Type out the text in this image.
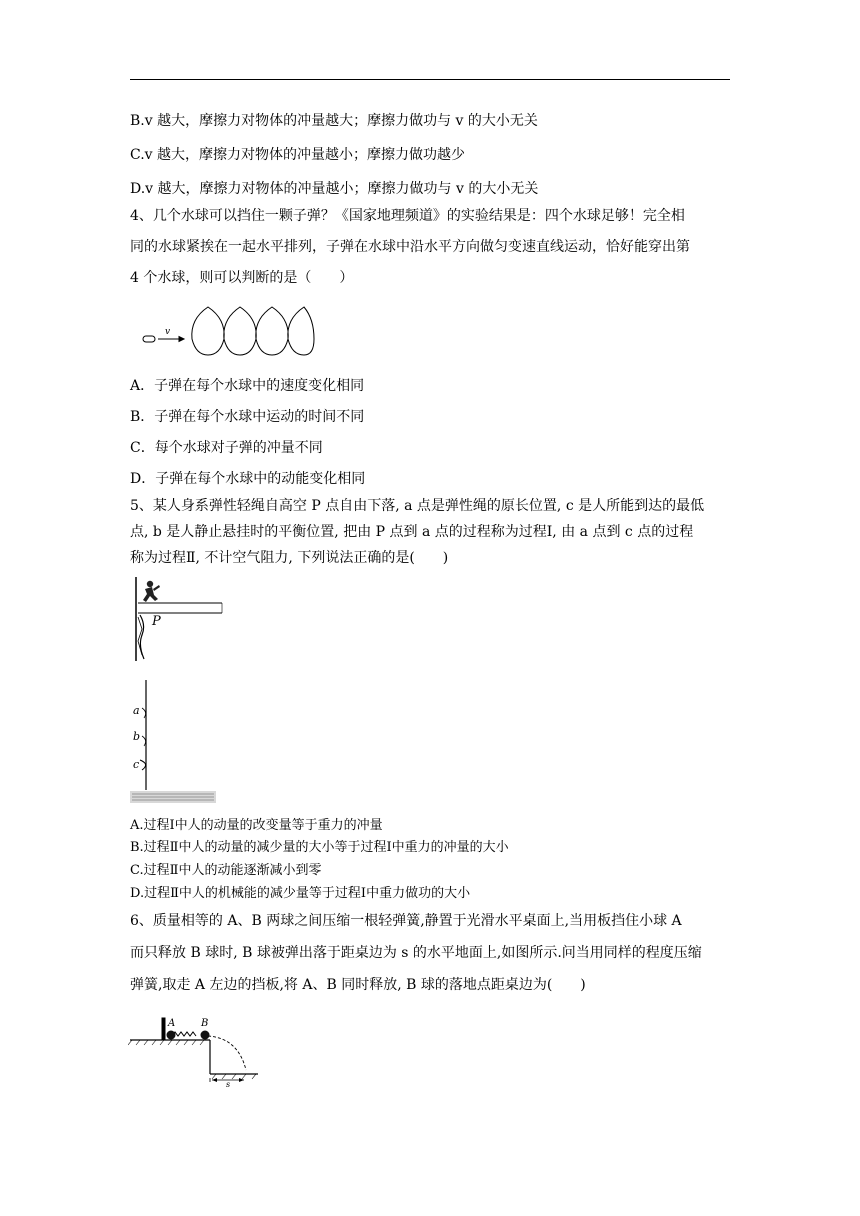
B.v 越大，摩擦力对物体的冲量越大；摩擦力做功与 v 的大小无关
C.v 越大，摩擦力对物体的冲量越小；摩擦力做功越少
D.v 越大，摩擦力对物体的冲量越小；摩擦力做功与 v 的大小无关
4、几个水球可以挡住一颗子弹？《国家地理频道》的实验结果是：四个水球足够！完全相
同的水球紧挨在一起水平排列，子弹在水球中沿水平方向做匀变速直线运动，恰好能穿出第
4 个水球，则可以判断的是（　　）
v
A．子弹在每个水球中的速度变化相同
B．子弹在每个水球中运动的时间不同
C．每个水球对子弹的冲量不同
D．子弹在每个水球中的动能变化相同
5、某人身系弹性轻绳自高空 P 点自由下落, a 点是弹性绳的原长位置, c 是人所能到达的最低
点, b 是人静止悬挂时的平衡位置, 把由 P 点到 a 点的过程称为过程Ⅰ, 由 a 点到 c 点的过程
称为过程Ⅱ, 不计空气阻力, 下列说法正确的是(　　)
P
a
b
c
A.过程Ⅰ中人的动量的改变量等于重力的冲量
B.过程Ⅱ中人的动量的减少量的大小等于过程Ⅰ中重力的冲量的大小
C.过程Ⅱ中人的动能逐渐减小到零
D.过程Ⅱ中人的机械能的减少量等于过程Ⅰ中重力做功的大小
6、质量相等的 A、B 两球之间压缩一根轻弹簧,静置于光滑水平桌面上,当用板挡住小球 A
而只释放 B 球时, B 球被弹出落于距桌边为 s 的水平地面上,如图所示.问当用同样的程度压缩
弹簧,取走 A 左边的挡板,将 A、B 同时释放, B 球的落地点距桌边为(　　)
A	B
s
